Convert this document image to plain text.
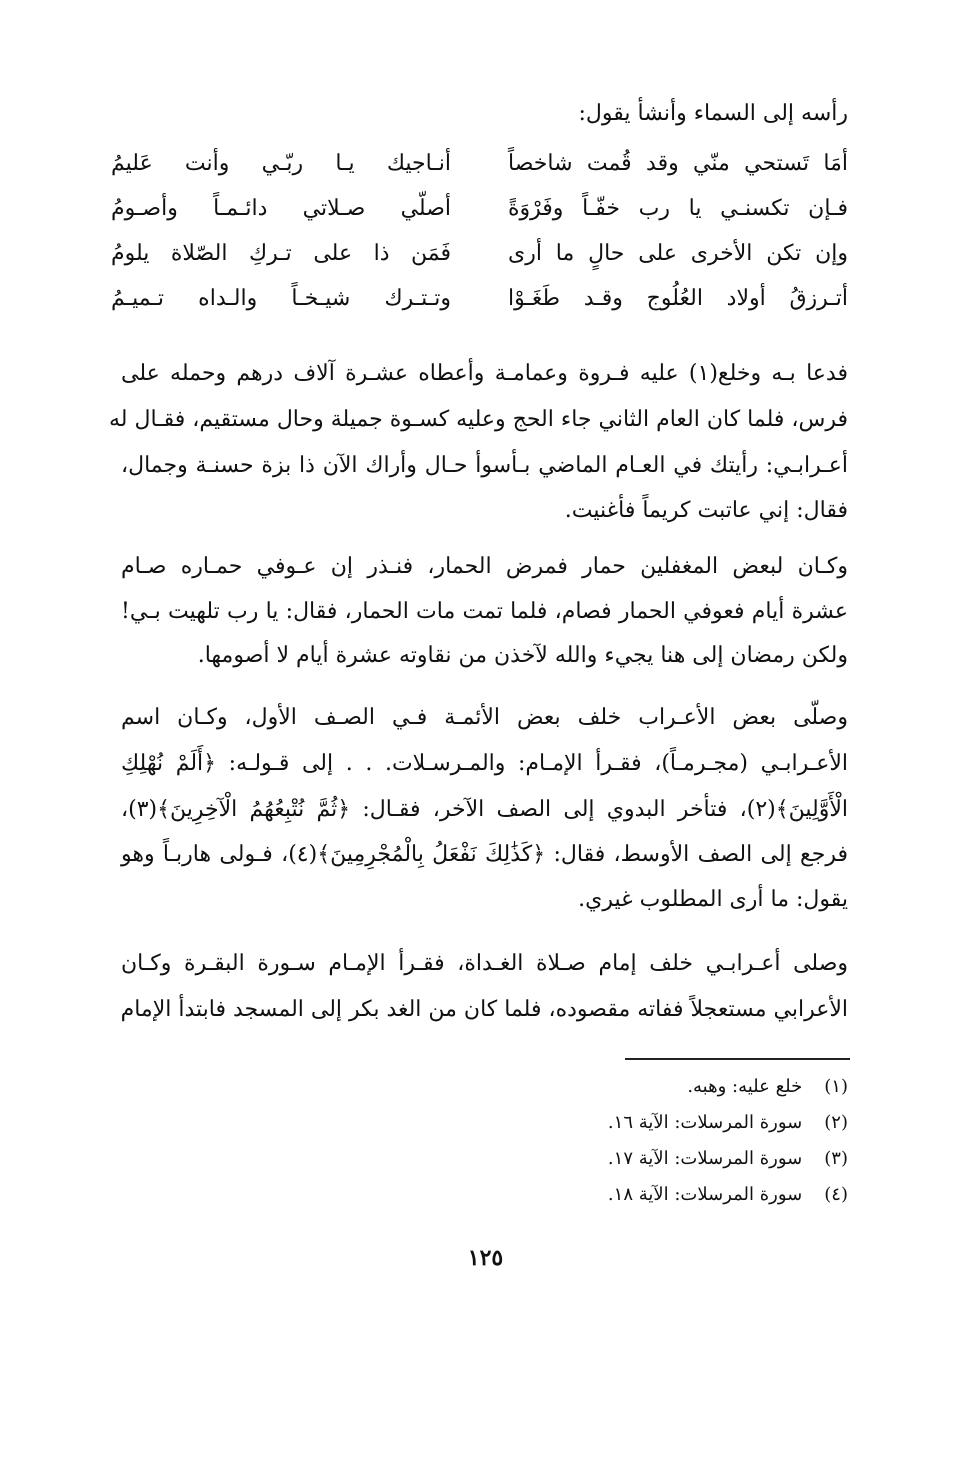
رأسه إلى السماء وأنشأ يقول:
أمَا تَستحي منّي وقد قُمت شاخصاً
أنـاجيك يـا ربّـي وأنت عَليمُ
فـإن تكسنـي يا رب خفّـاً وفَرْوَةً
أصلّي صـلاتي دائـمـاً وأصـومُ
وإن تكن الأخرى على حالٍ ما أرى
فَمَن ذا على تـركِ الصّلاة يلومُ
أتـرزقُ أولاد العُلُوج وقـد طَغَـوْا
وتـتـرك شيـخـاً والـداه تـميـمُ
فدعا بـه وخلع(١) عليه فـروة وعمامـة وأعطاه عشـرة آلاف درهم وحمله على
فرس، فلما كان العام الثاني جاء الحج وعليه كسـوة جميلة وحال مستقيم، فقـال له
أعـرابـي: رأيتك في العـام الماضي بـأسوأ حـال وأراك الآن ذا بزة حسنـة وجمال،
فقال: إني عاتبت كريماً فأغنيت.
وكـان لبعض المغفلين حمار فمرض الحمار، فنـذر إن عـوفي حمـاره صـام
عشرة أيام فعوفي الحمار فصام، فلما تمت مات الحمار، فقال: يا رب تلهيت بـي!
ولكن رمضان إلى هنا يجيء والله لآخذن من نقاوته عشرة أيام لا أصومها.
وصلّى بعض الأعـراب خلف بعض الأئمـة فـي الصـف الأول، وكـان اسم
الأعـرابـي (مجـرمـاً)، فقـرأ الإمـام: والمـرسـلات. . . إلى قـولـه: ﴿أَلَمْ نُهْلِكِ
الْأَوَّلِينَ﴾(٢)، فتأخر البدوي إلى الصف الآخر، فقـال: ﴿ثُمَّ نُتْبِعُهُمُ الْآخِرِينَ﴾(٣)،
فرجع إلى الصف الأوسط، فقال: ﴿كَذَٰلِكَ نَفْعَلُ بِالْمُجْرِمِينَ﴾(٤)، فـولى هاربـاً وهو
يقول: ما أرى المطلوب غيري.
وصلى أعـرابـي خلف إمام صـلاة الغـداة، فقـرأ الإمـام سـورة البقـرة وكـان
الأعرابي مستعجلاً ففاته مقصوده، فلما كان من الغد بكر إلى المسجد فابتدأ الإمام
(١) خلع عليه: وهبه.
(٢) سورة المرسلات: الآية ١٦.
(٣) سورة المرسلات: الآية ١٧.
(٤) سورة المرسلات: الآية ١٨.
١٢٥
